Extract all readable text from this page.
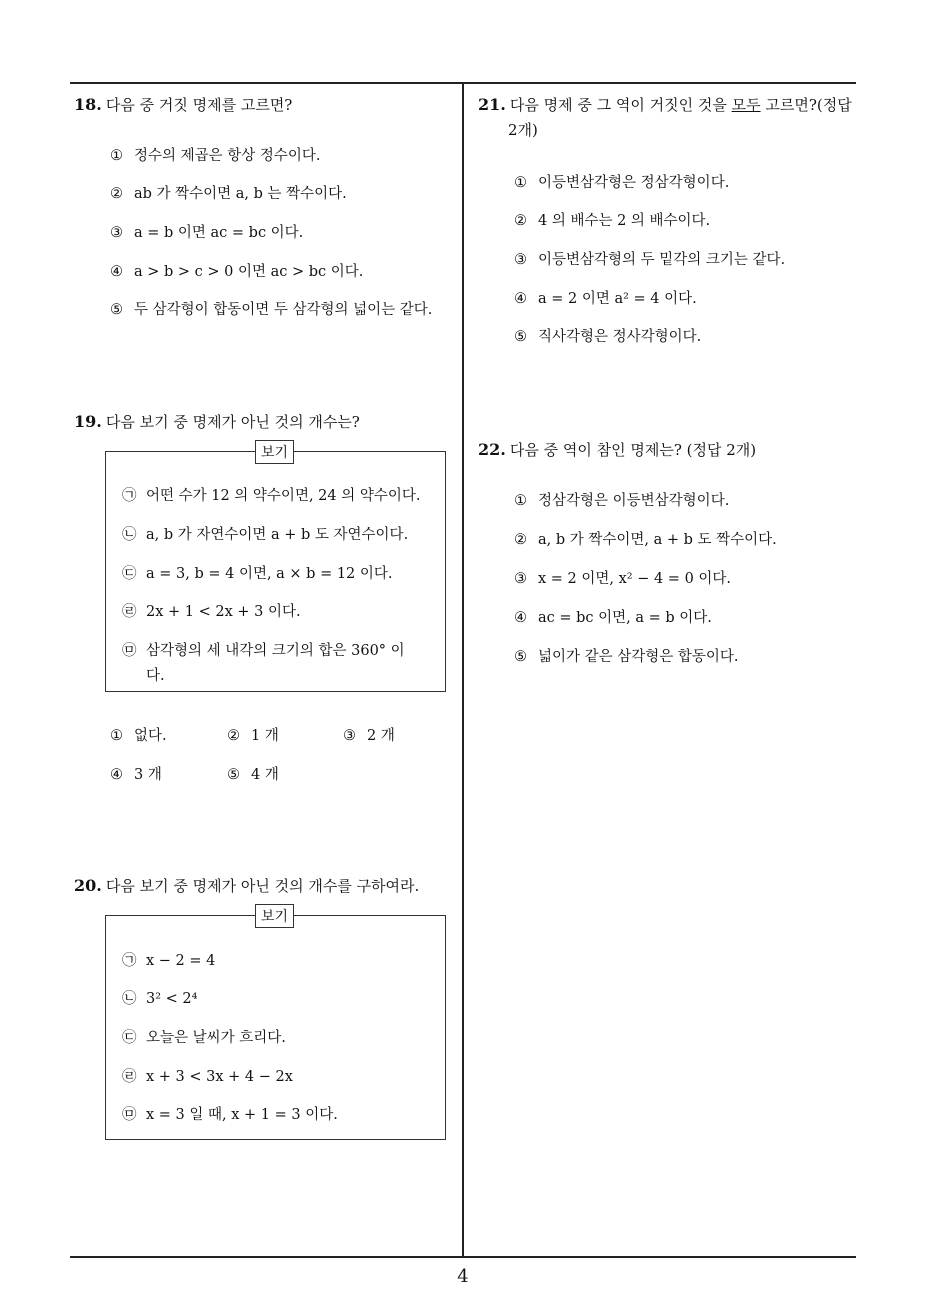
18. 다음 중 거짓 명제를 고르면?
① 정수의 제곱은 항상 정수이다.
② ab 가 짝수이면 a, b 는 짝수이다.
③ a = b 이면 ac = bc 이다.
④ a > b > c > 0 이면 ac > bc 이다.
⑤ 두 삼각형이 합동이면 두 삼각형의 넓이는 같다.
19. 다음 보기 중 명제가 아닌 것의 개수는?
보기
㉠ 어떤 수가 12 의 약수이면, 24 의 약수이다.
㉡ a, b 가 자연수이면 a + b 도 자연수이다.
㉢ a = 3, b = 4 이면, a × b = 12 이다.
㉣ 2x + 1 < 2x + 3 이다.
㉤ 삼각형의 세 내각의 크기의 합은 360° 이
다.
① 없다.	② 1 개	③ 2 개
④ 3 개	⑤ 4 개
20. 다음 보기 중 명제가 아닌 것의 개수를 구하여라.
보기
㉠ x − 2 = 4
㉡ 3² < 2⁴
㉢ 오늘은 날씨가 흐리다.
㉣ x + 3 < 3x + 4 − 2x
㉤ x = 3 일 때, x + 1 = 3 이다.
21. 다음 명제 중 그 역이 거짓인 것을 모두 고르면?(정답
2개)
① 이등변삼각형은 정삼각형이다.
② 4 의 배수는 2 의 배수이다.
③ 이등변삼각형의 두 밑각의 크기는 같다.
④ a = 2 이면 a² = 4 이다.
⑤ 직사각형은 정사각형이다.
22. 다음 중 역이 참인 명제는? (정답 2개)
① 정삼각형은 이등변삼각형이다.
② a, b 가 짝수이면, a + b 도 짝수이다.
③ x = 2 이면, x² − 4 = 0 이다.
④ ac = bc 이면, a = b 이다.
⑤ 넓이가 같은 삼각형은 합동이다.
4
